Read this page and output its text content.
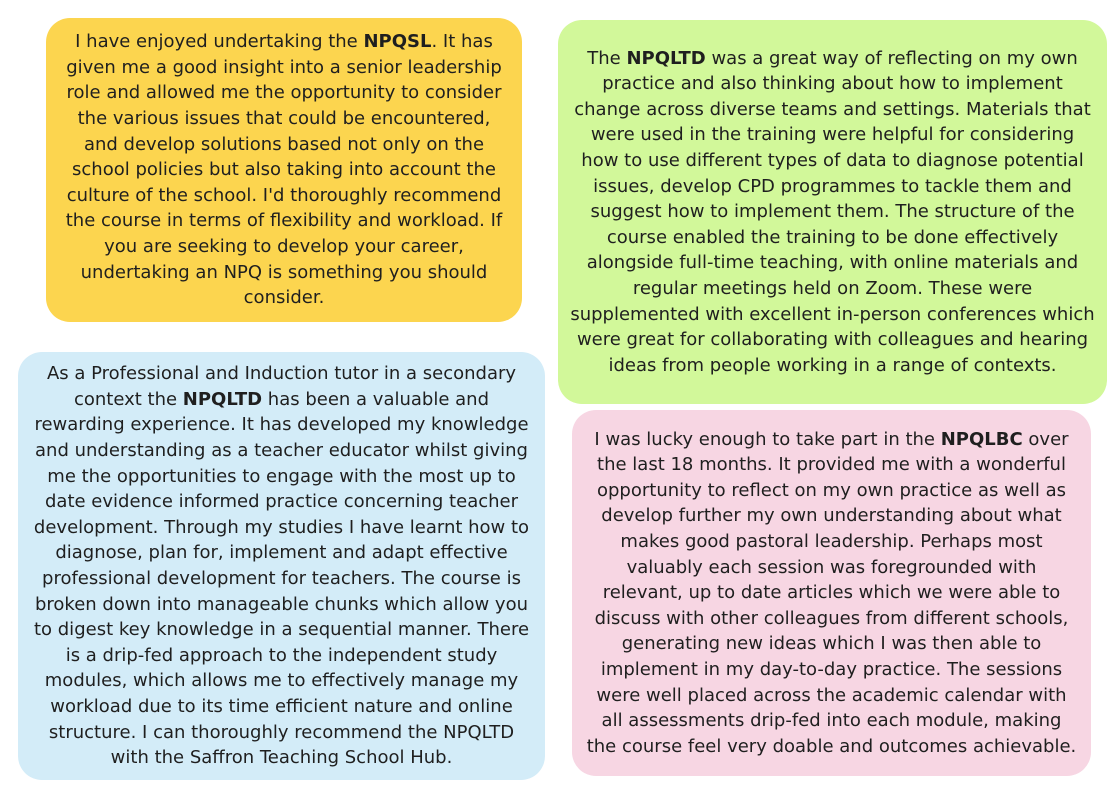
I have enjoyed undertaking the NPQSL. It has given me a good insight into a senior leadership role and allowed me the opportunity to consider the various issues that could be encountered, and develop solutions based not only on the school policies but also taking into account the culture of the school. I'd thoroughly recommend the course in terms of flexibility and workload. If you are seeking to develop your career, undertaking an NPQ is something you should consider.

The NPQLTD was a great way of reflecting on my own practice and also thinking about how to implement change across diverse teams and settings. Materials that were used in the training were helpful for considering how to use different types of data to diagnose potential issues, develop CPD programmes to tackle them and suggest how to implement them. The structure of the course enabled the training to be done effectively alongside full-time teaching, with online materials and regular meetings held on Zoom. These were supplemented with excellent in-person conferences which were great for collaborating with colleagues and hearing ideas from people working in a range of contexts.

As a Professional and Induction tutor in a secondary context the NPQLTD has been a valuable and rewarding experience. It has developed my knowledge and understanding as a teacher educator whilst giving me the opportunities to engage with the most up to date evidence informed practice concerning teacher development. Through my studies I have learnt how to diagnose, plan for, implement and adapt effective professional development for teachers. The course is broken down into manageable chunks which allow you to digest key knowledge in a sequential manner. There is a drip-fed approach to the independent study modules, which allows me to effectively manage my workload due to its time efficient nature and online structure. I can thoroughly recommend the NPQLTD with the Saffron Teaching School Hub.

I was lucky enough to take part in the NPQLBC over the last 18 months. It provided me with a wonderful opportunity to reflect on my own practice as well as develop further my own understanding about what makes good pastoral leadership. Perhaps most valuably each session was foregrounded with relevant, up to date articles which we were able to discuss with other colleagues from different schools, generating new ideas which I was then able to implement in my day-to-day practice. The sessions were well placed across the academic calendar with all assessments drip-fed into each module, making the course feel very doable and outcomes achievable.
